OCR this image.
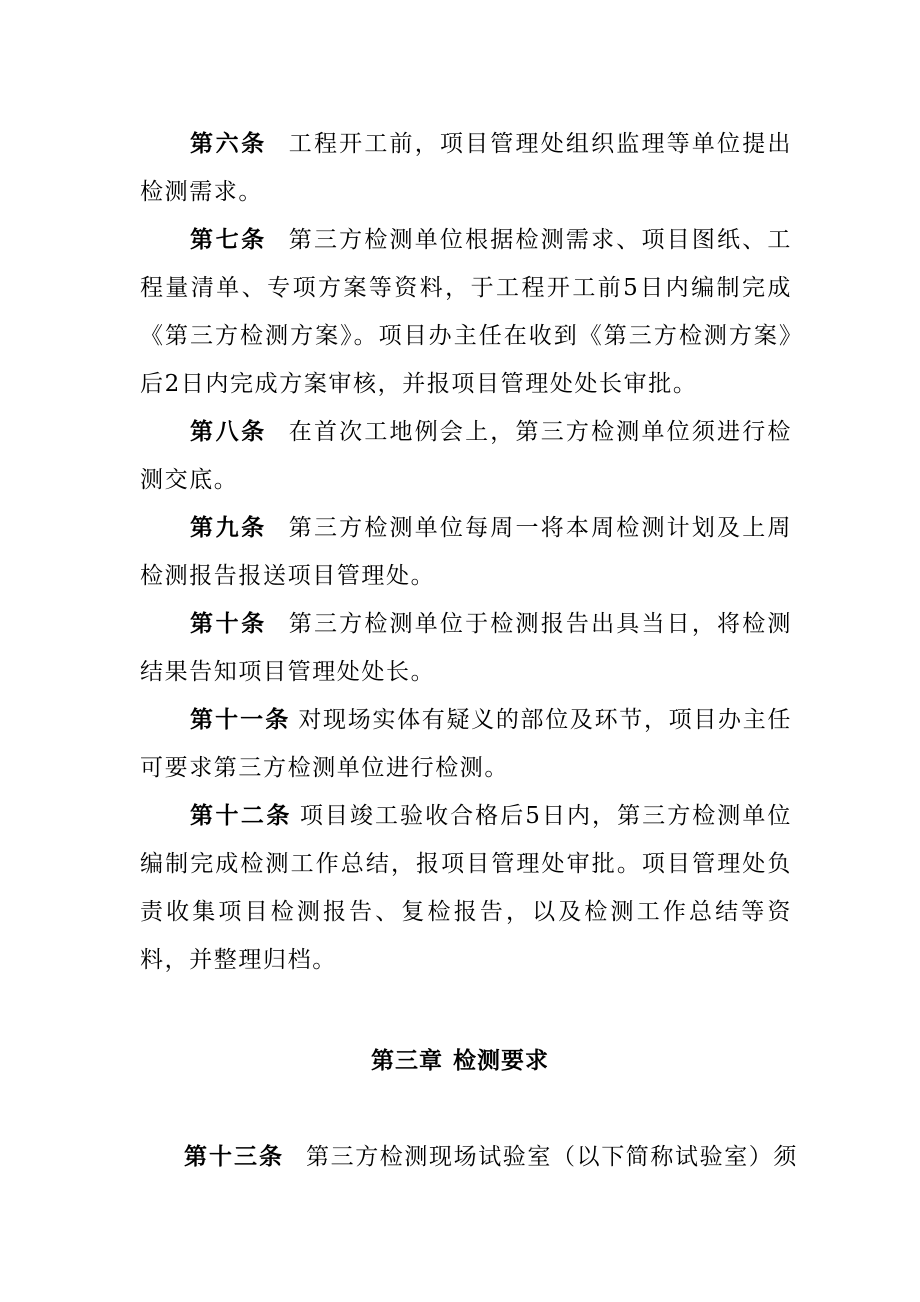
第六条 工程开工前，项目管理处组织监理等单位提出检测需求。

第七条 第三方检测单位根据检测需求、项目图纸、工程量清单、专项方案等资料，于工程开工前5日内编制完成《第三方检测方案》。项目办主任在收到《第三方检测方案》后2日内完成方案审核，并报项目管理处处长审批。

第八条 在首次工地例会上，第三方检测单位须进行检测交底。

第九条 第三方检测单位每周一将本周检测计划及上周检测报告报送项目管理处。

第十条 第三方检测单位于检测报告出具当日，将检测结果告知项目管理处处长。

第十一条 对现场实体有疑义的部位及环节，项目办主任可要求第三方检测单位进行检测。

第十二条 项目竣工验收合格后5日内，第三方检测单位编制完成检测工作总结，报项目管理处审批。项目管理处负责收集项目检测报告、复检报告，以及检测工作总结等资料，并整理归档。

第三章 检测要求
第十三条 第三方检测现场试验室（以下简称试验室）须
